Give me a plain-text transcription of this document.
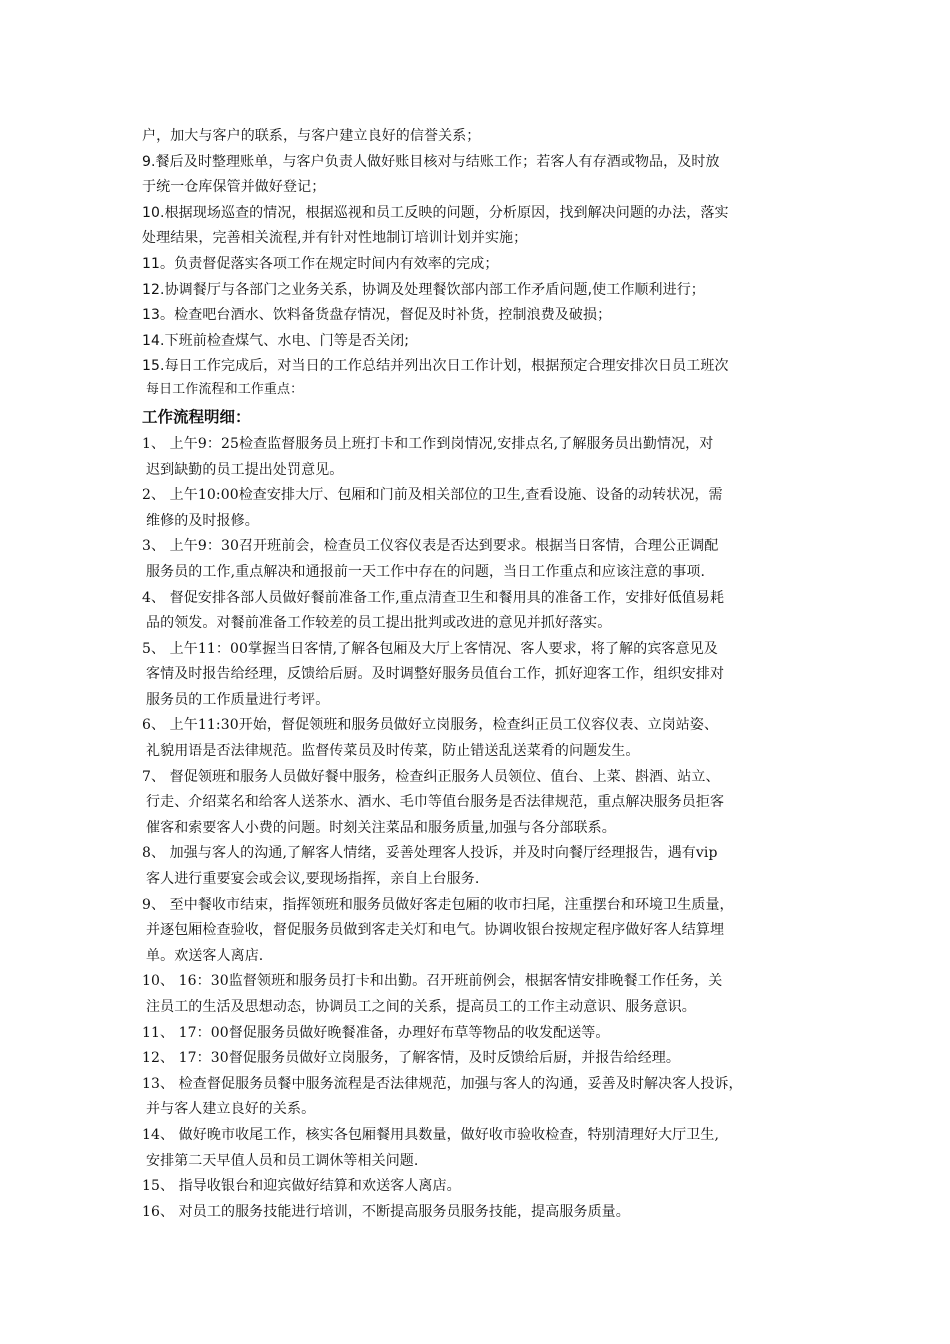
户，加大与客户的联系，与客户建立良好的信誉关系；
9.餐后及时整理账单，与客户负责人做好账目核对与结账工作；若客人有存酒或物品，及时放
于统一仓库保管并做好登记；
10.根据现场巡查的情况，根据巡视和员工反映的问题，分析原因，找到解决问题的办法，落实
处理结果，完善相关流程,并有针对性地制订培训计划并实施；
11。负责督促落实各项工作在规定时间内有效率的完成；
12.协调餐厅与各部门之业务关系，协调及处理餐饮部内部工作矛盾问题,使工作顺利进行；
13。检查吧台酒水、饮料备货盘存情况，督促及时补货，控制浪费及破损；
14.下班前检查煤气、水电、门等是否关闭;
15.每日工作完成后，对当日的工作总结并列出次日工作计划，根据预定合理安排次日员工班次
每日工作流程和工作重点：
工作流程明细：
1、 上午9：25检查监督服务员上班打卡和工作到岗情况,安排点名,了解服务员出勤情况，对
迟到缺勤的员工提出处罚意见。
2、 上午10:00检查安排大厅、包厢和门前及相关部位的卫生,查看设施、设备的动转状况，需
维修的及时报修。
3、 上午9：30召开班前会，检查员工仪容仪表是否达到要求。根据当日客情，合理公正调配
服务员的工作,重点解决和通报前一天工作中存在的问题，当日工作重点和应该注意的事项.
4、 督促安排各部人员做好餐前准备工作,重点清查卫生和餐用具的准备工作，安排好低值易耗
品的领发。对餐前准备工作较差的员工提出批判或改进的意见并抓好落实。
5、 上午11：00掌握当日客情,了解各包厢及大厅上客情况、客人要求，将了解的宾客意见及
客情及时报告给经理，反馈给后厨。及时调整好服务员值台工作，抓好迎客工作，组织安排对
服务员的工作质量进行考评。
6、 上午11:30开始，督促领班和服务员做好立岗服务，检查纠正员工仪容仪表、立岗站姿、
礼貌用语是否法律规范。监督传菜员及时传菜，防止错送乱送菜肴的问题发生。
7、 督促领班和服务人员做好餐中服务，检查纠正服务人员领位、值台、上菜、斟酒、站立、
行走、介绍菜名和给客人送茶水、酒水、毛巾等值台服务是否法律规范，重点解决服务员拒客
催客和索要客人小费的问题。时刻关注菜品和服务质量,加强与各分部联系。
8、 加强与客人的沟通,了解客人情绪，妥善处理客人投诉，并及时向餐厅经理报告，遇有vip
客人进行重要宴会或会议,要现场指挥，亲自上台服务.
9、 至中餐收市结束，指挥领班和服务员做好客走包厢的收市扫尾，注重摆台和环境卫生质量，
并逐包厢检查验收，督促服务员做到客走关灯和电气。协调收银台按规定程序做好客人结算埋
单。欢送客人离店.
10、 16：30监督领班和服务员打卡和出勤。召开班前例会，根据客情安排晚餐工作任务，关
注员工的生活及思想动态，协调员工之间的关系，提高员工的工作主动意识、服务意识。
11、 17：00督促服务员做好晚餐准备，办理好布草等物品的收发配送等。
12、 17：30督促服务员做好立岗服务，了解客情，及时反馈给后厨，并报告给经理。
13、 检查督促服务员餐中服务流程是否法律规范，加强与客人的沟通，妥善及时解决客人投诉，
并与客人建立良好的关系。
14、 做好晚市收尾工作，核实各包厢餐用具数量，做好收市验收检查，特别清理好大厅卫生,
安排第二天早值人员和员工调休等相关问题.
15、 指导收银台和迎宾做好结算和欢送客人离店。
16、 对员工的服务技能进行培训，不断提高服务员服务技能，提高服务质量。
